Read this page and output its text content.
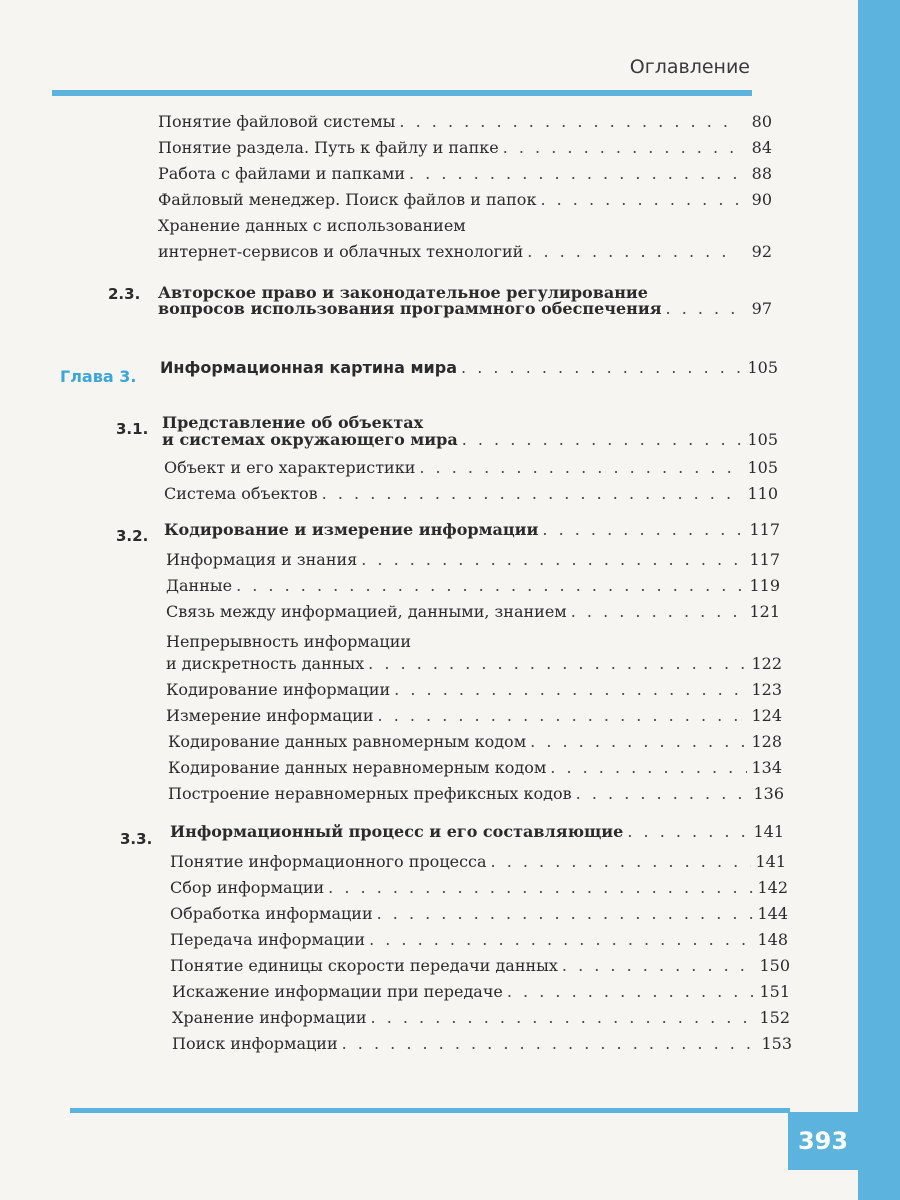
Оглавление
Понятие файловой системы . . .	80
Понятие раздела. Путь к файлу и папке . . .	84
Работа с файлами и папками . . .	88
Файловый менеджер. Поиск файлов и папок . . .	90
Хранение данных с использованием
интернет-сервисов и облачных технологий . . .	92
2.3. Авторское право и законодательное регулирование
вопросов использования программного обеспечения . . .	97
Глава 3. Информационная картина мира . . .	105
3.1. Представление об объектах
и системах окружающего мира . . .	105
Объект и его характеристики . . .	105
Система объектов . . .	110
3.2. Кодирование и измерение информации . . .	117
Информация и знания . . .	117
Данные . . .	119
Связь между информацией, данными, знанием . . .	121
Непрерывность информации
и дискретность данных . . .	122
Кодирование информации . . .	123
Измерение информации . . .	124
Кодирование данных равномерным кодом . . .	128
Кодирование данных неравномерным кодом . . .	134
Построение неравномерных префиксных кодов . . .	136
3.3. Информационный процесс и его составляющие . . .	141
Понятие информационного процесса . . .	141
Сбор информации . . .	142
Обработка информации . . .	144
Передача информации . . .	148
Понятие единицы скорости передачи данных . . .	150
Искажение информации при передаче . . .	151
Хранение информации . . .	152
Поиск информации . . .	153
393
